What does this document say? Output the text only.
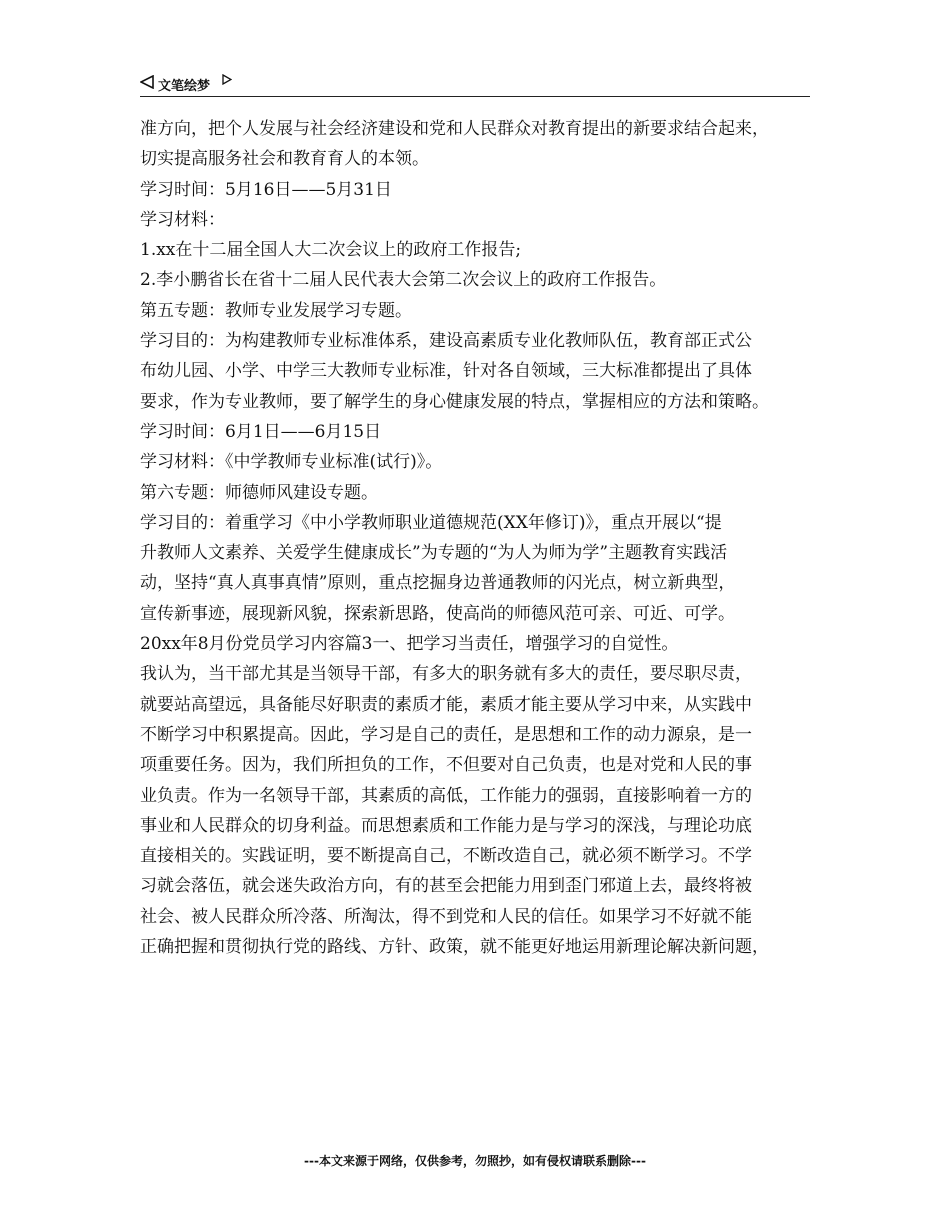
文笔绘梦

准方向，把个人发展与社会经济建设和党和人民群众对教育提出的新要求结合起来，

切实提高服务社会和教育育人的本领。

学习时间：5月16日——5月31日

学习材料：

1.xx在十二届全国人大二次会议上的政府工作报告;

2.李小鹏省长在省十二届人民代表大会第二次会议上的政府工作报告。

第五专题：教师专业发展学习专题。

学习目的：为构建教师专业标准体系，建设高素质专业化教师队伍，教育部正式公

布幼儿园、小学、中学三大教师专业标准，针对各自领域，三大标准都提出了具体

要求，作为专业教师，要了解学生的身心健康发展的特点，掌握相应的方法和策略。

学习时间：6月1日——6月15日

学习材料：《中学教师专业标准(试行)》。

第六专题：师德师风建设专题。

学习目的：着重学习《中小学教师职业道德规范(XX年修订)》，重点开展以“提

升教师人文素养、关爱学生健康成长”为专题的“为人为师为学”主题教育实践活

动，坚持“真人真事真情”原则，重点挖掘身边普通教师的闪光点，树立新典型，

宣传新事迹，展现新风貌，探索新思路，使高尚的师德风范可亲、可近、可学。

20xx年8月份党员学习内容篇3一、把学习当责任，增强学习的自觉性。

我认为，当干部尤其是当领导干部，有多大的职务就有多大的责任，要尽职尽责，

就要站高望远，具备能尽好职责的素质才能，素质才能主要从学习中来，从实践中

不断学习中积累提高。因此，学习是自己的责任，是思想和工作的动力源泉，是一

项重要任务。因为，我们所担负的工作，不但要对自己负责，也是对党和人民的事

业负责。作为一名领导干部，其素质的高低，工作能力的强弱，直接影响着一方的

事业和人民群众的切身利益。而思想素质和工作能力是与学习的深浅，与理论功底

直接相关的。实践证明，要不断提高自己，不断改造自己，就必须不断学习。不学

习就会落伍，就会迷失政治方向，有的甚至会把能力用到歪门邪道上去，最终将被

社会、被人民群众所冷落、所淘汰，得不到党和人民的信任。如果学习不好就不能

正确把握和贯彻执行党的路线、方针、政策，就不能更好地运用新理论解决新问题，

---本文来源于网络，仅供参考，勿照抄，如有侵权请联系删除---
